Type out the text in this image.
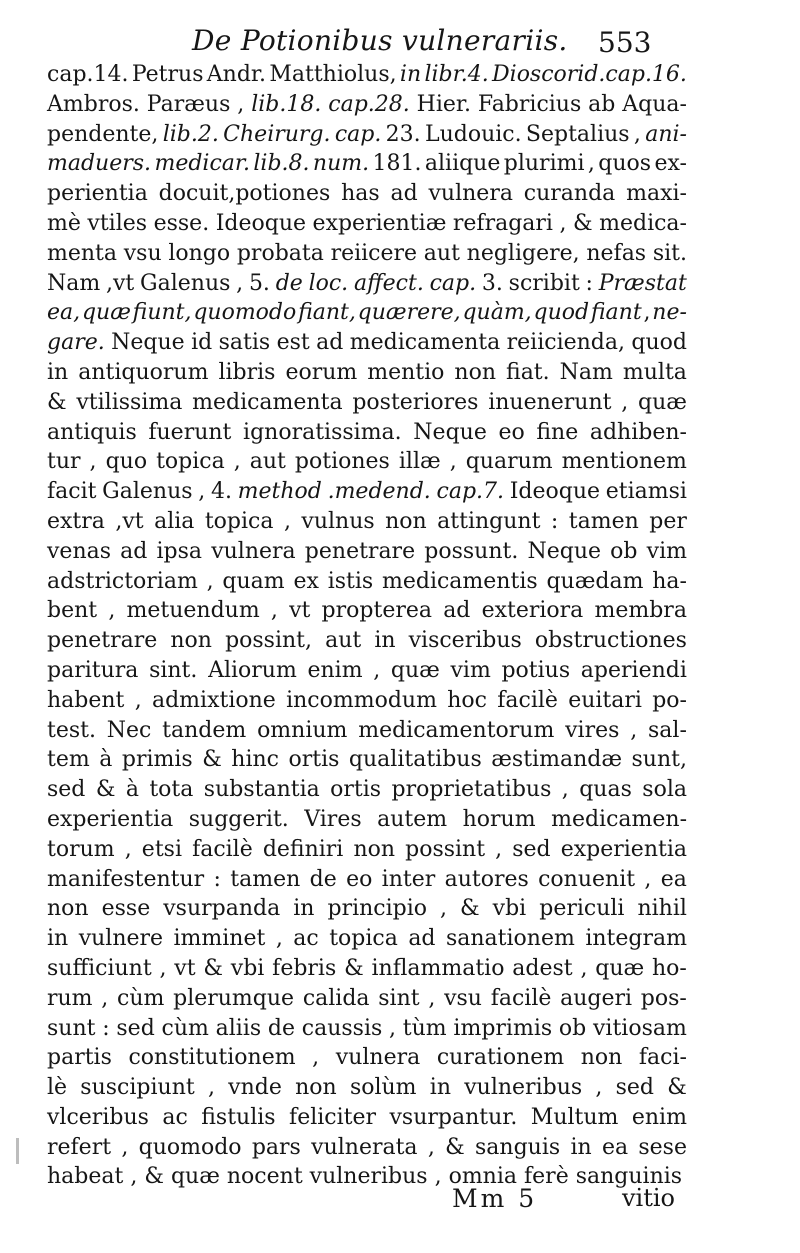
De Potionibus vulnerariis. 553
cap.14. Petrus Andr. Matthiolus, in libr.4. Dioscorid.cap.16.
Ambros. Paræus , lib.18. cap.28. Hier. Fabricius ab Aqua-
pendente, lib.2. Cheirurg. cap. 23. Ludouic. Septalius , ani-
maduers. medicar. lib.8. num. 181. aliique plurimi , quos ex-
perientia docuit,potiones has ad vulnera curanda maxi-
mè vtiles esse. Ideoque experientiæ refragari , & medica-
menta vsu longo probata reiicere aut negligere, nefas sit.
Nam ,vt Galenus , 5. de loc. affect. cap. 3. scribit : Præstat
ea, quæ fiunt, quomodo fiant, quærere, quàm, quod fiant , ne-
gare. Neque id satis est ad medicamenta reiicienda, quod
in antiquorum libris eorum mentio non fiat. Nam multa
& vtilissima medicamenta posteriores inuenerunt , quæ
antiquis fuerunt ignoratissima. Neque eo fine adhiben-
tur , quo topica , aut potiones illæ , quarum mentionem
facit Galenus , 4. method .medend. cap.7. Ideoque etiamsi
extra ,vt alia topica , vulnus non attingunt : tamen per
venas ad ipsa vulnera penetrare possunt. Neque ob vim
adstrictoriam , quam ex istis medicamentis quædam ha-
bent , metuendum , vt propterea ad exteriora membra
penetrare non possint, aut in visceribus obstructiones
paritura sint. Aliorum enim , quæ vim potius aperiendi
habent , admixtione incommodum hoc facilè euitari po-
test. Nec tandem omnium medicamentorum vires , sal-
tem à primis & hinc ortis qualitatibus æstimandæ sunt,
sed & à tota substantia ortis proprietatibus , quas sola
experientia suggerit. Vires autem horum medicamen-
torum , etsi facilè definiri non possint , sed experientia
manifestentur : tamen de eo inter autores conuenit , ea
non esse vsurpanda in principio , & vbi periculi nihil
in vulnere imminet , ac topica ad sanationem integram
sufficiunt , vt & vbi febris & inflammatio adest , quæ ho-
rum , cùm plerumque calida sint , vsu facilè augeri pos-
sunt : sed cùm aliis de caussis , tùm imprimis ob vitiosam
partis constitutionem , vulnera curationem non faci-
lè suscipiunt , vnde non solùm in vulneribus , sed &
vlceribus ac fistulis feliciter vsurpantur. Multum enim
refert , quomodo pars vulnerata , & sanguis in ea sese
habeat
,
&
quæ
nocent
vulneribus
,
omnia
ferè
sanguinis
Mm 5	vitio
